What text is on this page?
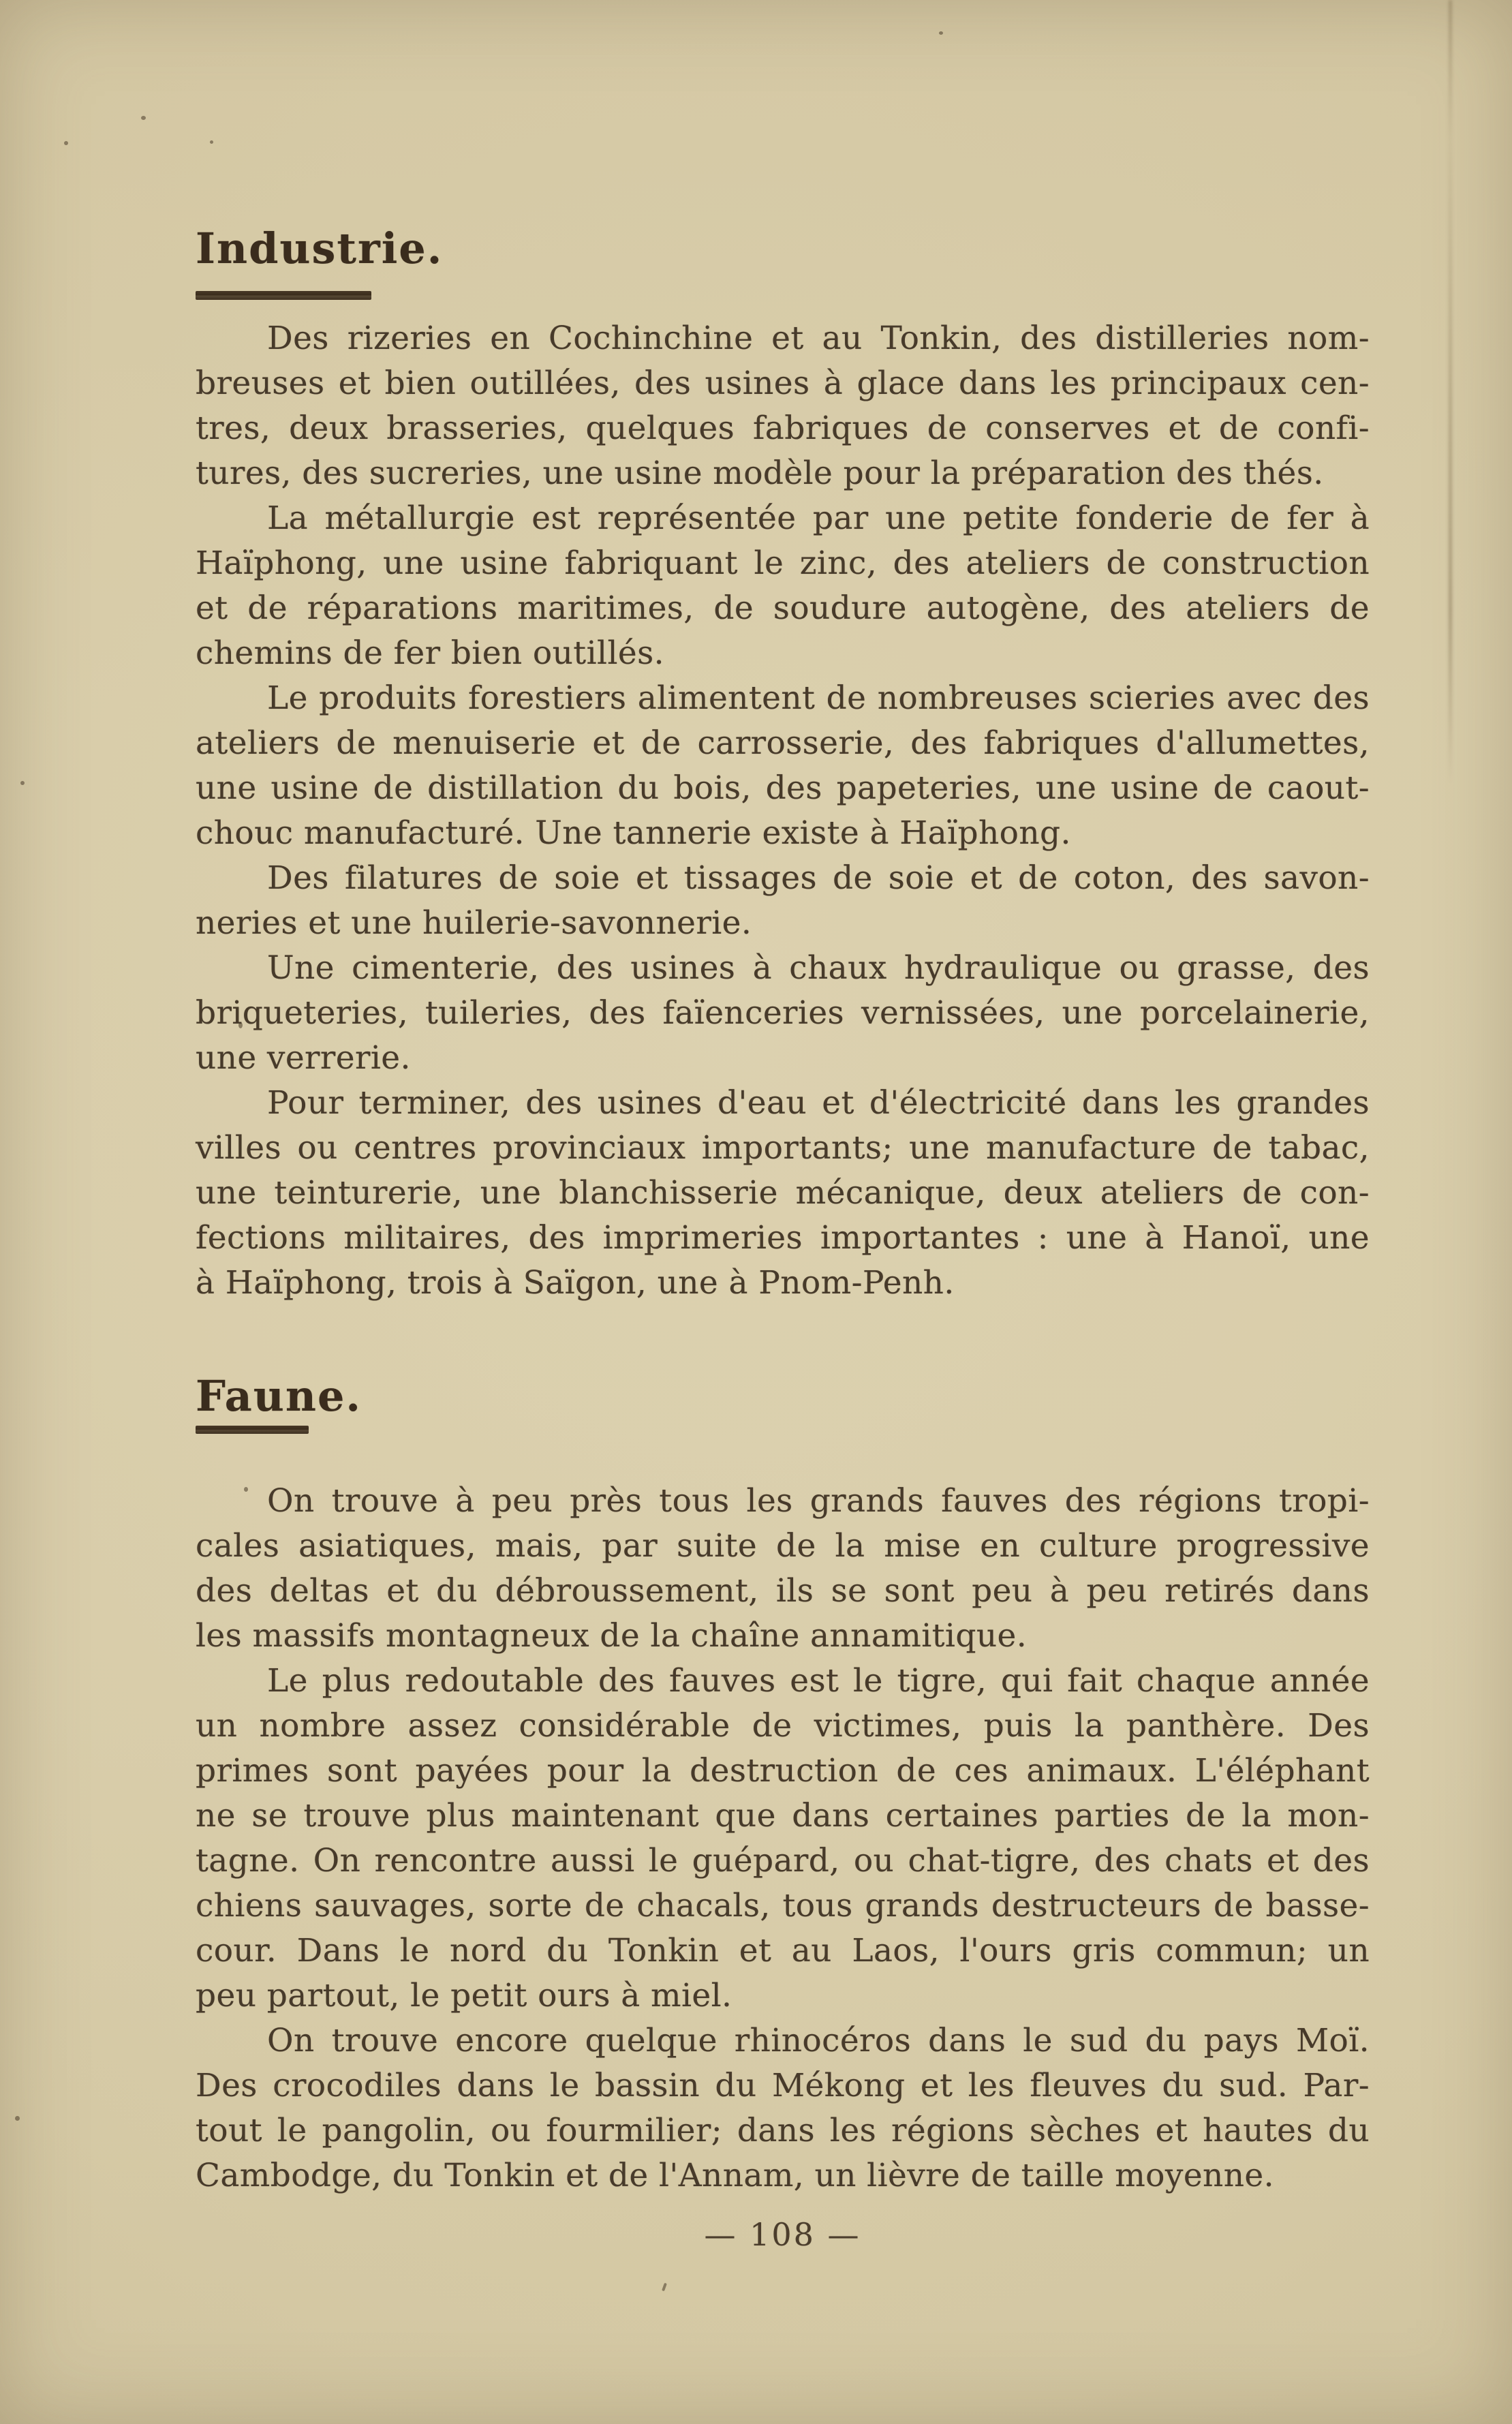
Industrie.
Des rizeries en Cochinchine et au Tonkin, des distilleries nom-
breuses et bien outillées, des usines à glace dans les principaux cen-
tres, deux brasseries, quelques fabriques de conserves et de confi-
tures, des sucreries, une usine modèle pour la préparation des thés.
La métallurgie est représentée par une petite fonderie de fer à
Haïphong, une usine fabriquant le zinc, des ateliers de construction
et de réparations maritimes, de soudure autogène, des ateliers de
chemins de fer bien outillés.
Le produits forestiers alimentent de nombreuses scieries avec des
ateliers de menuiserie et de carrosserie, des fabriques d'allumettes,
une usine de distillation du bois, des papeteries, une usine de caout-
chouc manufacturé. Une tannerie existe à Haïphong.
Des filatures de soie et tissages de soie et de coton, des savon-
neries et une huilerie-savonnerie.
Une cimenterie, des usines à chaux hydraulique ou grasse, des
briqueteries, tuileries, des faïenceries vernissées, une porcelainerie,
une verrerie.
Pour terminer, des usines d'eau et d'électricité dans les grandes
villes ou centres provinciaux importants; une manufacture de tabac,
une teinturerie, une blanchisserie mécanique, deux ateliers de con-
fections militaires, des imprimeries importantes : une à Hanoï, une
à Haïphong, trois à Saïgon, une à Pnom-Penh.
Faune.
On trouve à peu près tous les grands fauves des régions tropi-
cales asiatiques, mais, par suite de la mise en culture progressive
des deltas et du débroussement, ils se sont peu à peu retirés dans
les massifs montagneux de la chaîne annamitique.
Le plus redoutable des fauves est le tigre, qui fait chaque année
un nombre assez considérable de victimes, puis la panthère. Des
primes sont payées pour la destruction de ces animaux. L'éléphant
ne se trouve plus maintenant que dans certaines parties de la mon-
tagne. On rencontre aussi le guépard, ou chat-tigre, des chats et des
chiens sauvages, sorte de chacals, tous grands destructeurs de basse-
cour. Dans le nord du Tonkin et au Laos, l'ours gris commun; un
peu partout, le petit ours à miel.
On trouve encore quelque rhinocéros dans le sud du pays Moï.
Des crocodiles dans le bassin du Mékong et les fleuves du sud. Par-
tout le pangolin, ou fourmilier; dans les régions sèches et hautes du
Cambodge, du Tonkin et de l'Annam, un lièvre de taille moyenne.
— 108 —
